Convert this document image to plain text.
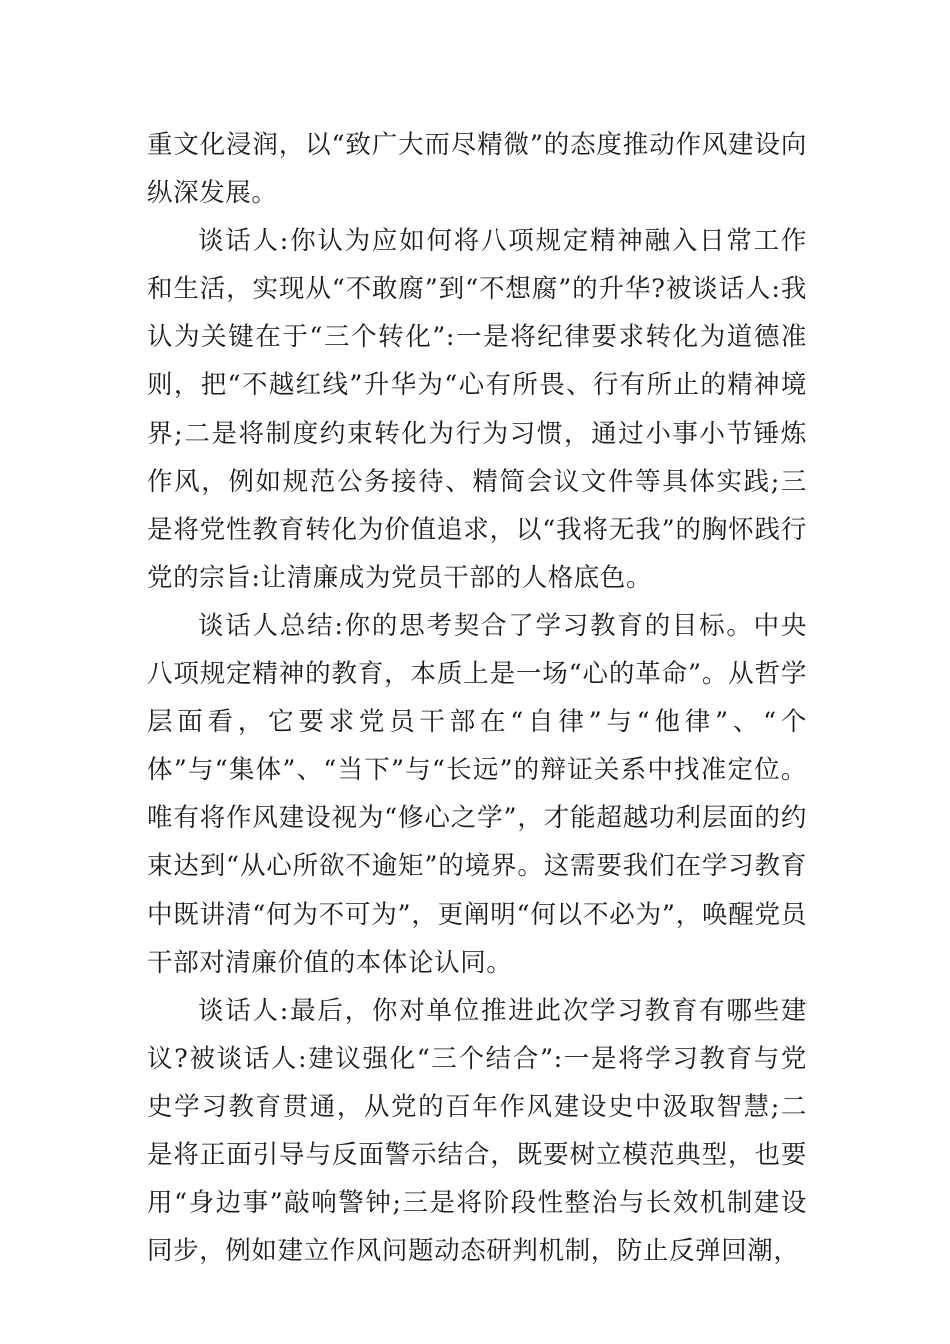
重文化浸润，以“致广大而尽精微”的态度推动作风建设向纵深发展。

谈话人:你认为应如何将八项规定精神融入日常工作和生活，实现从“不敢腐”到“不想腐”的升华?被谈话人:我认为关键在于“三个转化”:一是将纪律要求转化为道德准则，把“不越红线”升华为“心有所畏、行有所止的精神境界;二是将制度约束转化为行为习惯，通过小事小节锤炼作风，例如规范公务接待、精简会议文件等具体实践;三是将党性教育转化为价值追求，以“我将无我”的胸怀践行党的宗旨:让清廉成为党员干部的人格底色。

谈话人总结:你的思考契合了学习教育的目标。中央八项规定精神的教育，本质上是一场“心的革命”。从哲学层面看，它要求党员干部在“自律”与“他律”、“个体”与“集体”、“当下”与“长远”的辩证关系中找准定位。唯有将作风建设视为“修心之学”，才能超越功利层面的约束达到“从心所欲不逾矩”的境界。这需要我们在学习教育中既讲清“何为不可为”，更阐明“何以不必为”，唤醒党员干部对清廉价值的本体论认同。

谈话人:最后，你对单位推进此次学习教育有哪些建议?被谈话人:建议强化“三个结合”:一是将学习教育与党史学习教育贯通，从党的百年作风建设史中汲取智慧;二是将正面引导与反面警示结合，既要树立模范典型，也要用“身边事”敲响警钟;三是将阶段性整治与长效机制建设同步，例如建立作风问题动态研判机制，防止反弹回潮，
